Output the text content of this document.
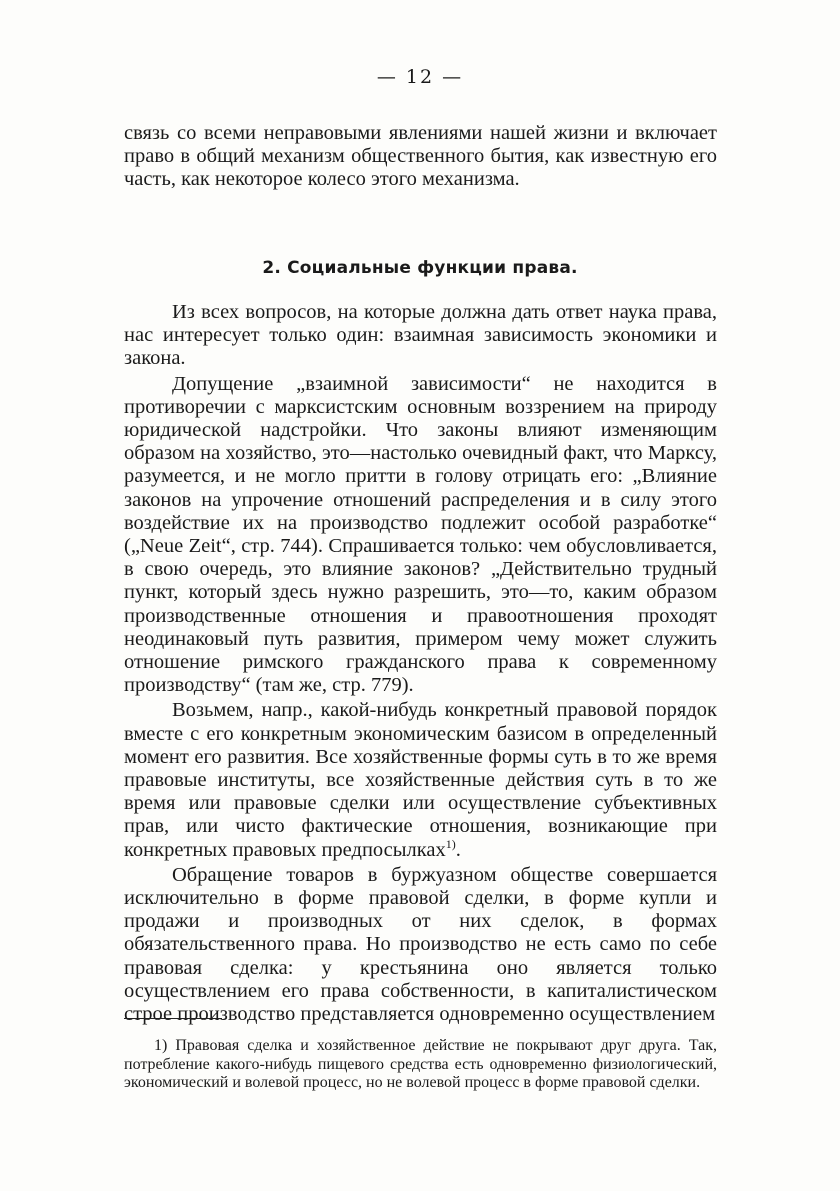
— 12 —

связь со всеми неправовыми явлениями нашей жизни и включает право в общий механизм общественного бытия, как известную его часть, как некоторое колесо этого механизма.

2. Социальные функции права.

Из всех вопросов, на которые должна дать ответ наука права, нас интересует только один: взаимная зависимость экономики и закона.

Допущение „взаимной зависимости“ не находится в противоречии с марксистским основным воззрением на природу юридической надстройки. Что законы влияют изменяющим образом на хозяйство, это—настолько очевидный факт, что Марксу, разумеется, и не могло притти в голову отрицать его: „Влияние законов на упрочение отношений распределения и в силу этого воздействие их на производство подлежит особой разработке“ („Neue Zeit“, стр. 744). Спрашивается только: чем обусловливается, в свою очередь, это влияние законов? „Действительно трудный пункт, который здесь нужно разрешить, это—то, каким образом производственные отношения и правоотношения проходят неодинаковый путь развития, примером чему может служить отношение римского гражданского права к современному производству“ (там же, стр. 779).

Возьмем, напр., какой-нибудь конкретный правовой порядок вместе с его конкретным экономическим базисом в определенный момент его развития. Все хозяйственные формы суть в то же время правовые институты, все хозяйственные действия суть в то же время или правовые сделки или осуществление субъективных прав, или чисто фактические отношения, возникающие при конкретных правовых предпосылках$^{1)}$.

Обращение товаров в буржуазном обществе совершается исключительно в форме правовой сделки, в форме купли и продажи и производных от них сделок, в формах обязательственного права. Но производство не есть само по себе правовая сделка: у крестьянина оно является только осуществлением его права собственности, в капиталистическом строе производство представляется одновременно осуществлением

1) Правовая сделка и хозяйственное действие не покрывают друг друга. Так, потребление какого-нибудь пищевого средства есть одновременно физиологический, экономический и волевой процесс, но не волевой процесс в форме правовой сделки.
